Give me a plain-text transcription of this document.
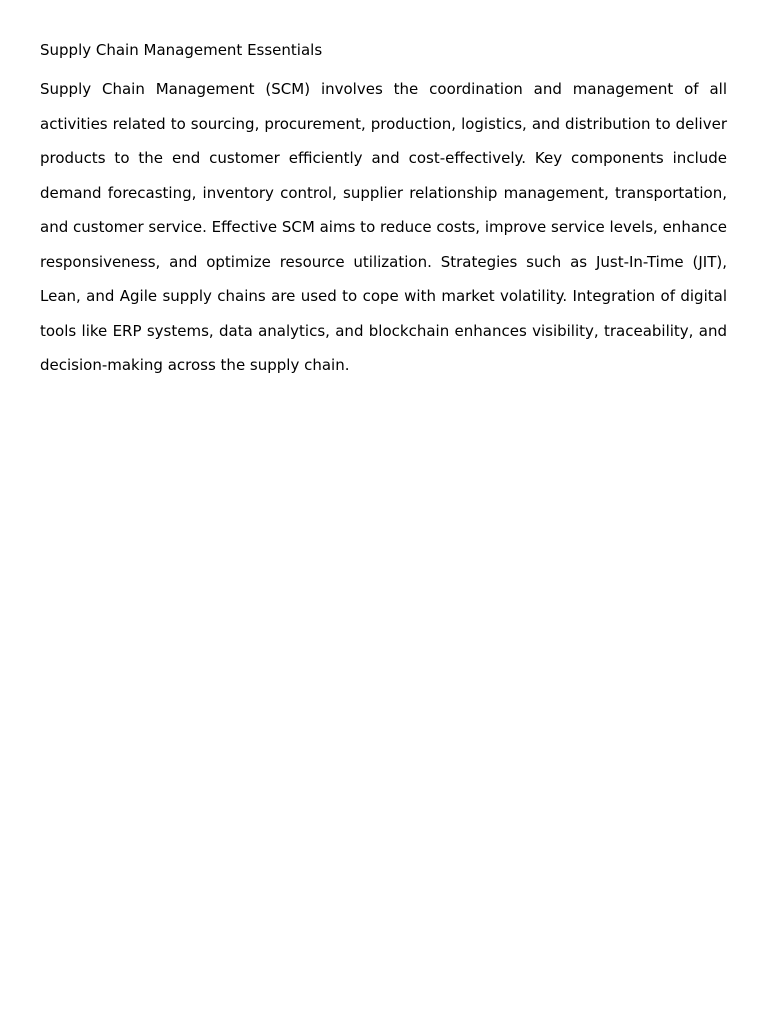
Supply Chain Management Essentials

Supply Chain Management (SCM) involves the coordination and management of all activities related to sourcing, procurement, production, logistics, and distribution to deliver products to the end customer efficiently and cost-effectively. Key components include demand forecasting, inventory control, supplier relationship management, transportation, and customer service. Effective SCM aims to reduce costs, improve service levels, enhance responsiveness, and optimize resource utilization. Strategies such as Just-In-Time (JIT), Lean, and Agile supply chains are used to cope with market volatility. Integration of digital tools like ERP systems, data analytics, and blockchain enhances visibility, traceability, and decision-making across the supply chain.
